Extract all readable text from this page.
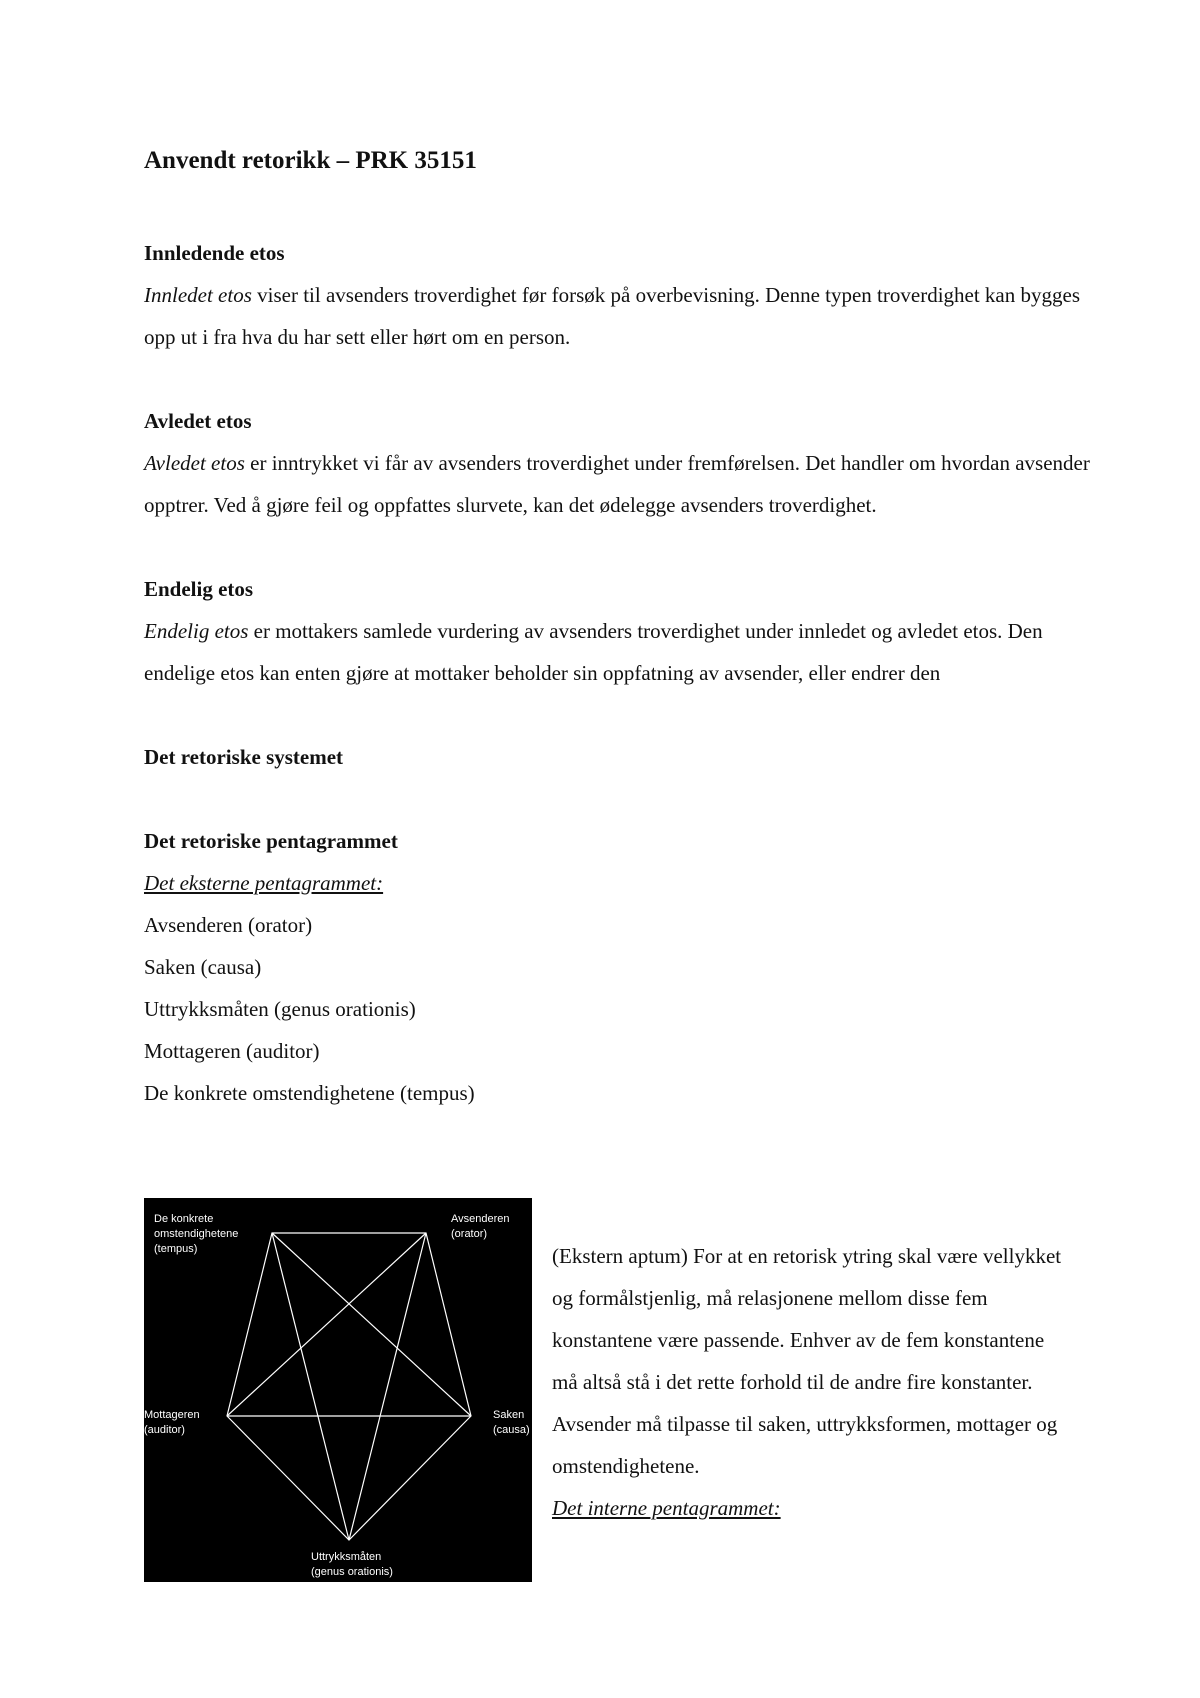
Anvendt retorikk – PRK 35151

Innledende etos

Innledet etos viser til avsenders troverdighet før forsøk på overbevisning. Denne typen troverdighet kan bygges opp ut i fra hva du har sett eller hørt om en person.

Avledet etos

Avledet etos er inntrykket vi får av avsenders troverdighet under fremførelsen. Det handler om hvordan avsender opptrer. Ved å gjøre feil og oppfattes slurvete, kan det ødelegge avsenders troverdighet.

Endelig etos

Endelig etos er mottakers samlede vurdering av avsenders troverdighet under innledet og avledet etos. Den endelige etos kan enten gjøre at mottaker beholder sin oppfatning av avsender, eller endrer den

Det retoriske systemet

Det retoriske pentagrammet

Det eksterne pentagrammet:

Avsenderen (orator)

Saken (causa)

Uttrykksmåten (genus orationis)

Mottageren (auditor)

De konkrete omstendighetene (tempus)

De konkrete omstendighetene (tempus)
Avsenderen (orator)
Mottageren (auditor)
Saken (causa)
Uttrykksmåten (genus orationis)

(Ekstern aptum) For at en retorisk ytring skal være vellykket og formålstjenlig, må relasjonene mellom disse fem konstantene være passende. Enhver av de fem konstantene må altså stå i det rette forhold til de andre fire konstanter. Avsender må tilpasse til saken, uttrykksformen, mottager og omstendighetene.

Det interne pentagrammet:
